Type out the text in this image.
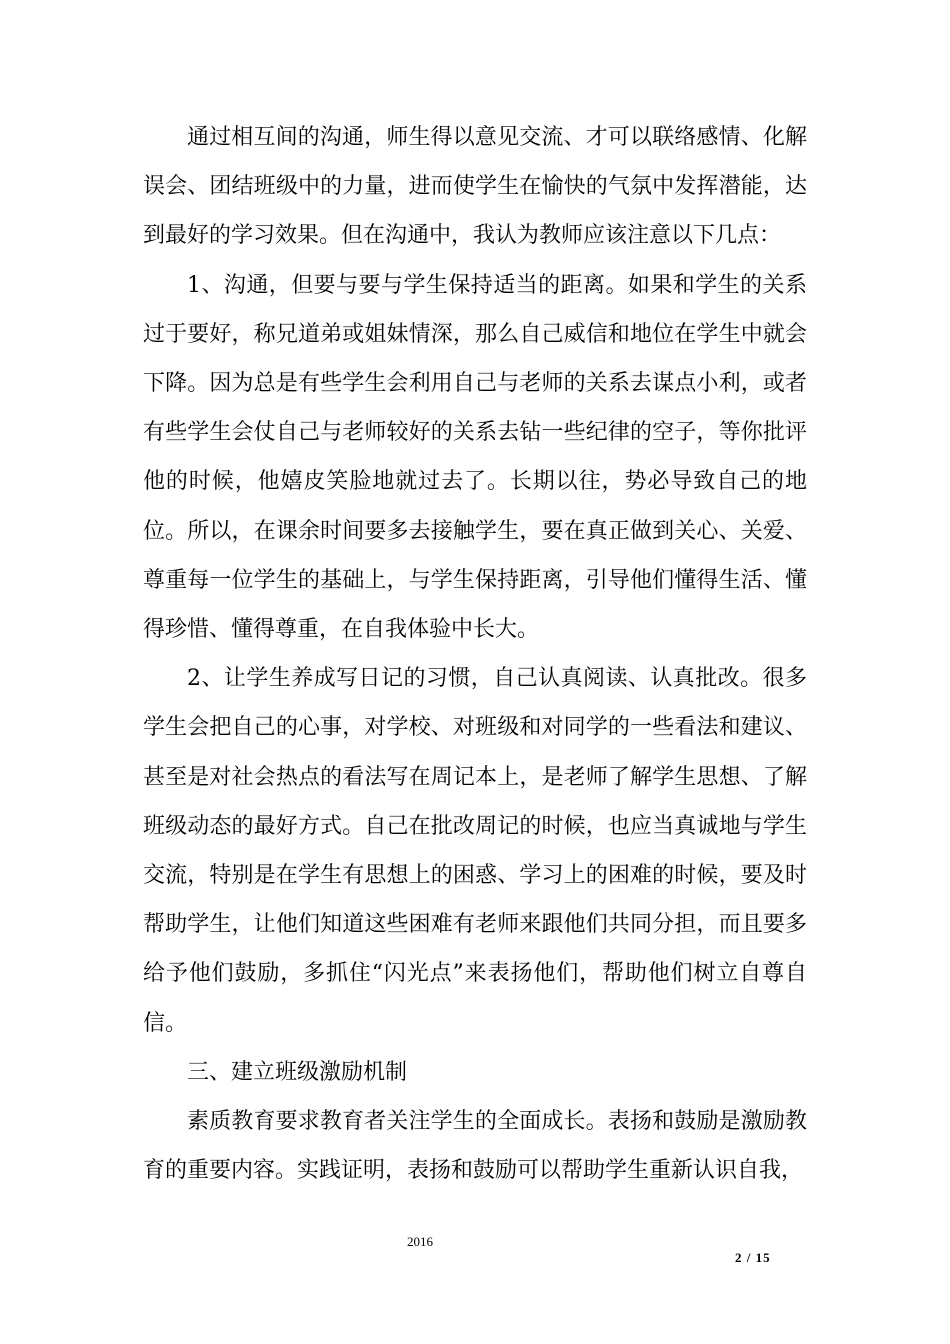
通过相互间的沟通，师生得以意见交流、才可以联络感情、化解误会、团结班级中的力量，进而使学生在愉快的气氛中发挥潜能，达到最好的学习效果。但在沟通中，我认为教师应该注意以下几点：

1、沟通，但要与要与学生保持适当的距离。如果和学生的关系过于要好，称兄道弟或姐妹情深，那么自己威信和地位在学生中就会下降。因为总是有些学生会利用自己与老师的关系去谋点小利，或者有些学生会仗自己与老师较好的关系去钻一些纪律的空子，等你批评他的时候，他嬉皮笑脸地就过去了。长期以往，势必导致自己的地位。所以，在课余时间要多去接触学生，要在真正做到关心、关爱、尊重每一位学生的基础上，与学生保持距离，引导他们懂得生活、懂得珍惜、懂得尊重，在自我体验中长大。

2、让学生养成写日记的习惯，自己认真阅读、认真批改。很多学生会把自己的心事，对学校、对班级和对同学的一些看法和建议、甚至是对社会热点的看法写在周记本上，是老师了解学生思想、了解班级动态的最好方式。自己在批改周记的时候，也应当真诚地与学生交流，特别是在学生有思想上的困惑、学习上的困难的时候，要及时帮助学生，让他们知道这些困难有老师来跟他们共同分担，而且要多给予他们鼓励，多抓住“闪光点”来表扬他们，帮助他们树立自尊自信。

三、建立班级激励机制

素质教育要求教育者关注学生的全面成长。表扬和鼓励是激励教育的重要内容。实践证明，表扬和鼓励可以帮助学生重新认识自我，

2016
2 / 15
